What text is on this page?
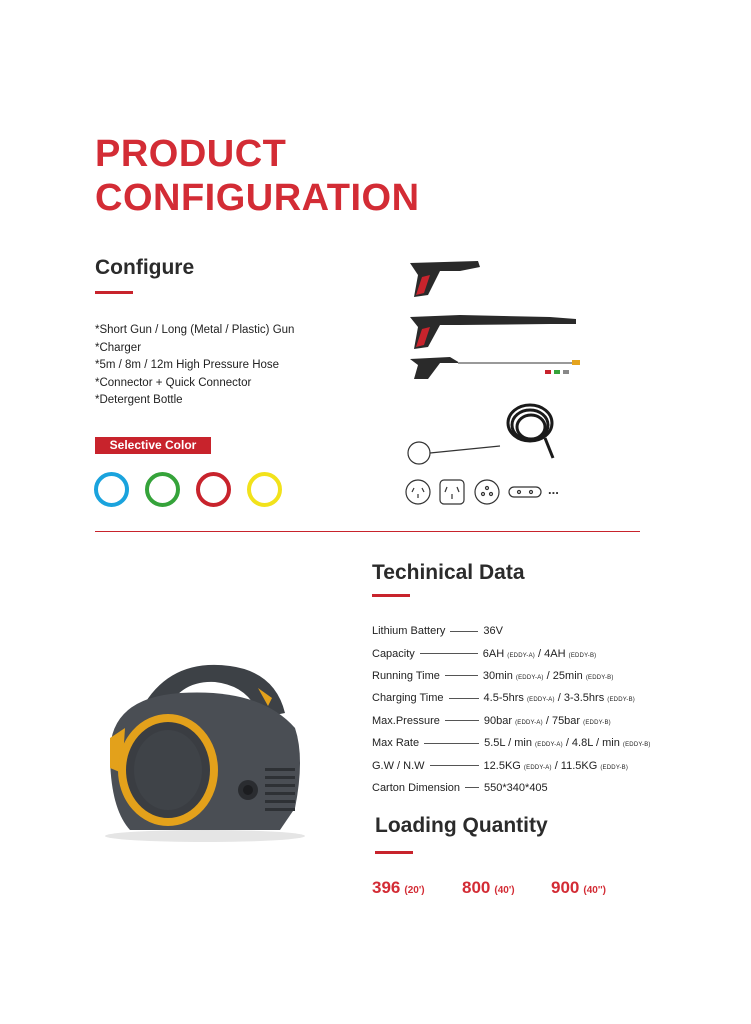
PRODUCT
CONFIGURATION
Configure
*Short Gun / Long (Metal / Plastic) Gun
*Charger
*5m / 8m / 12m High Pressure Hose
*Connector + Quick Connector
*Detergent Bottle
Selective Color
...
Techinical Data
Lithium Battery	36V
Capacity	6AH (EDDY-A) / 4AH (EDDY-B)
Running Time	30min (EDDY-A) / 25min (EDDY-B)
Charging Time	4.5-5hrs (EDDY-A) / 3-3.5hrs (EDDY-B)
Max.Pressure	90bar (EDDY-A) / 75bar (EDDY-B)
Max Rate	5.5L / min (EDDY-A) / 4.8L / min (EDDY-B)
G.W / N.W	12.5KG (EDDY-A) / 11.5KG (EDDY-B)
Carton Dimension 550*340*405
Loading Quantity
396 (20') 800 (40') 900 (40'')
